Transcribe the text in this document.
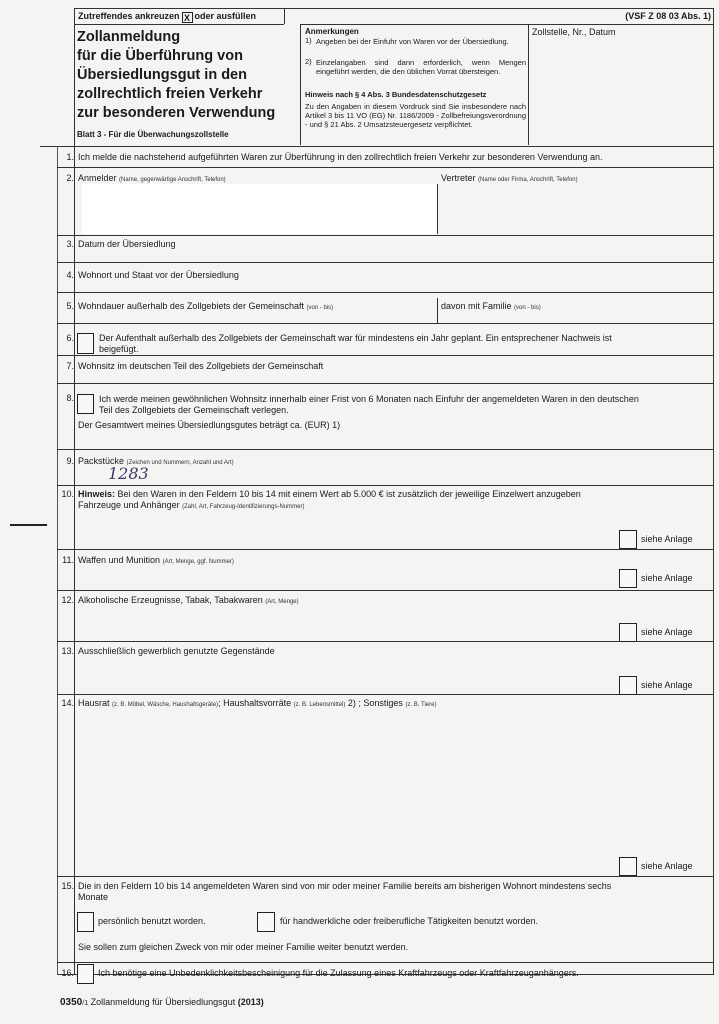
Zutreffendes ankreuzen X oder ausfüllen	(VSF Z 08 03 Abs. 1)
Zollanmeldung
für die Überführung von
Übersiedlungsgut in den
zollrechtlich freien Verkehr
zur besonderen Verwendung
Blatt 3 - Für die Überwachungszollstelle
Anmerkungen
1) Angeben bei der Einfuhr von Waren vor der Übersiedlung.
2) Einzelangaben sind dann erforderlich, wenn Mengen eingeführt werden, die den üblichen Vorrat übersteigen.
Hinweis nach § 4 Abs. 3 Bundesdatenschutzgesetz
Zu den Angaben in diesem Vordruck sind Sie insbesondere nach Artikel 3 bis 11 VO (EG) Nr. 1186/2009 - Zollbefreiungsverordnung - und § 21 Abs. 2 Umsatzsteuergesetz verpflichtet.
Zollstelle, Nr., Datum
1. Ich melde die nachstehend aufgeführten Waren zur Überführung in den zollrechtlich freien Verkehr zur besonderen Verwendung an.
2. Anmelder (Name, gegenwärtige Anschrift, Telefon)	Vertreter (Name oder Firma, Anschrift, Telefon)
3. Datum der Übersiedlung
4. Wohnort und Staat vor der Übersiedlung
5. Wohndauer außerhalb des Zollgebiets der Gemeinschaft (von - bis)	davon mit Familie (von - bis)
6.	Der Aufenthalt außerhalb des Zollgebiets der Gemeinschaft war für mindestens ein Jahr geplant. Ein entsprechener Nachweis ist
beigefügt.
7. Wohnsitz im deutschen Teil des Zollgebiets der Gemeinschaft
8.	Ich werde meinen gewöhnlichen Wohnsitz innerhalb einer Frist von 6 Monaten nach Einfuhr der angemeldeten Waren in den deutschen
Teil des Zollgebiets der Gemeinschaft verlegen.
Der Gesamtwert meines Übersiedlungsgutes beträgt ca. (EUR) 1)
9. Packstücke (Zeichen und Nummern, Anzahl und Art)
1283
10. Hinweis: Bei den Waren in den Feldern 10 bis 14 mit einem Wert ab 5.000 € ist zusätzlich der jeweilige Einzelwert anzugeben
Fahrzeuge und Anhänger (Zahl, Art, Fahrzeug-Identifizierungs-Nummer)
siehe Anlage
11. Waffen und Munition (Art, Menge, ggf. Nummer)
siehe Anlage
12. Alkoholische Erzeugnisse, Tabak, Tabakwaren (Art, Menge)
siehe Anlage
13. Ausschließlich gewerblich genutzte Gegenstände
siehe Anlage
14. Hausrat (z. B. Möbel, Wäsche, Haushaltsgeräte); Haushaltsvorräte (z. B. Lebensmittel) 2) ; Sonstiges (z. B. Tiere)
siehe Anlage
15. Die in den Feldern 10 bis 14 angemeldeten Waren sind von mir oder meiner Familie bereits am bisherigen Wohnort mindestens sechs
Monate
persönlich benutzt worden.	für handwerkliche oder freiberufliche Tätigkeiten benutzt worden.
Sie sollen zum gleichen Zweck von mir oder meiner Familie weiter benutzt werden.
16.	Ich benötige eine Unbedenklichkeitsbescheinigung für die Zulassung eines Kraftfahrzeugs oder Kraftfahrzeuganhängers.
0350/1 Zollanmeldung für Übersiedlungsgut (2013)
